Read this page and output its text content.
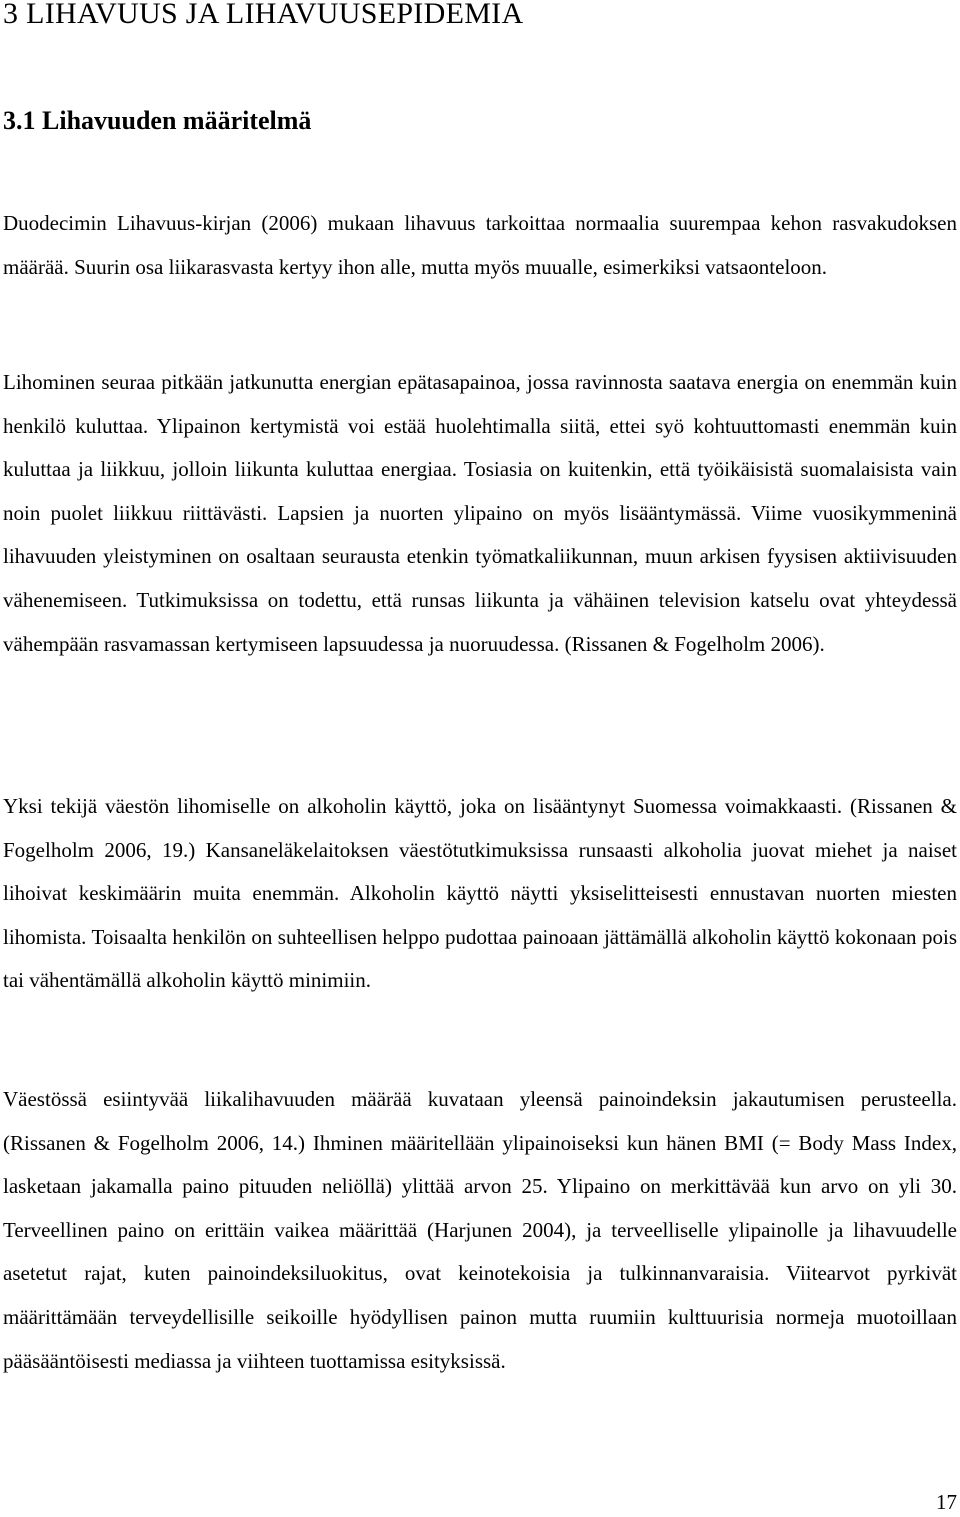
3 LIHAVUUS JA LIHAVUUSEPIDEMIA
3.1 Lihavuuden määritelmä

Duodecimin Lihavuus-kirjan (2006) mukaan lihavuus tarkoittaa normaalia suurempaa kehon rasvakudoksen määrää. Suurin osa liikarasvasta kertyy ihon alle, mutta myös muualle, esimerkiksi vatsaonteloon.

Lihominen seuraa pitkään jatkunutta energian epätasapainoa, jossa ravinnosta saatava energia on enemmän kuin henkilö kuluttaa. Ylipainon kertymistä voi estää huolehtimalla siitä, ettei syö kohtuuttomasti enemmän kuin kuluttaa ja liikkuu, jolloin liikunta kuluttaa energiaa. Tosiasia on kuitenkin, että työikäisistä suomalaisista vain noin puolet liikkuu riittävästi. Lapsien ja nuorten ylipaino on myös lisääntymässä. Viime vuosikymmeninä lihavuuden yleistyminen on osaltaan seurausta etenkin työmatkaliikunnan, muun arkisen fyysisen aktiivisuuden vähenemiseen. Tutkimuksissa on todettu, että runsas liikunta ja vähäinen television katselu ovat yhteydessä vähempään rasvamassan kertymiseen lapsuudessa ja nuoruudessa. (Rissanen & Fogelholm 2006).

Yksi tekijä väestön lihomiselle on alkoholin käyttö, joka on lisääntynyt Suomessa voimakkaasti. (Rissanen & Fogelholm 2006, 19.) Kansaneläkelaitoksen väestötutkimuksissa runsaasti alkoholia juovat miehet ja naiset lihoivat keskimäärin muita enemmän. Alkoholin käyttö näytti yksiselitteisesti ennustavan nuorten miesten lihomista. Toisaalta henkilön on suhteellisen helppo pudottaa painoaan jättämällä alkoholin käyttö kokonaan pois tai vähentämällä alkoholin käyttö minimiin.

Väestössä esiintyvää liikalihavuuden määrää kuvataan yleensä painoindeksin jakautumisen perusteella. (Rissanen & Fogelholm 2006, 14.) Ihminen määritellään ylipainoiseksi kun hänen BMI (= Body Mass Index, lasketaan jakamalla paino pituuden neliöllä) ylittää arvon 25. Ylipaino on merkittävää kun arvo on yli 30. Terveellinen paino on erittäin vaikea määrittää (Harjunen 2004), ja terveelliselle ylipainolle ja lihavuudelle asetetut rajat, kuten painoindeksiluokitus, ovat keinotekoisia ja tulkinnanvaraisia. Viitearvot pyrkivät määrittämään terveydellisille seikoille hyödyllisen painon mutta ruumiin kulttuurisia normeja muotoillaan pääsääntöisesti mediassa ja viihteen tuottamissa esityksissä.

17
